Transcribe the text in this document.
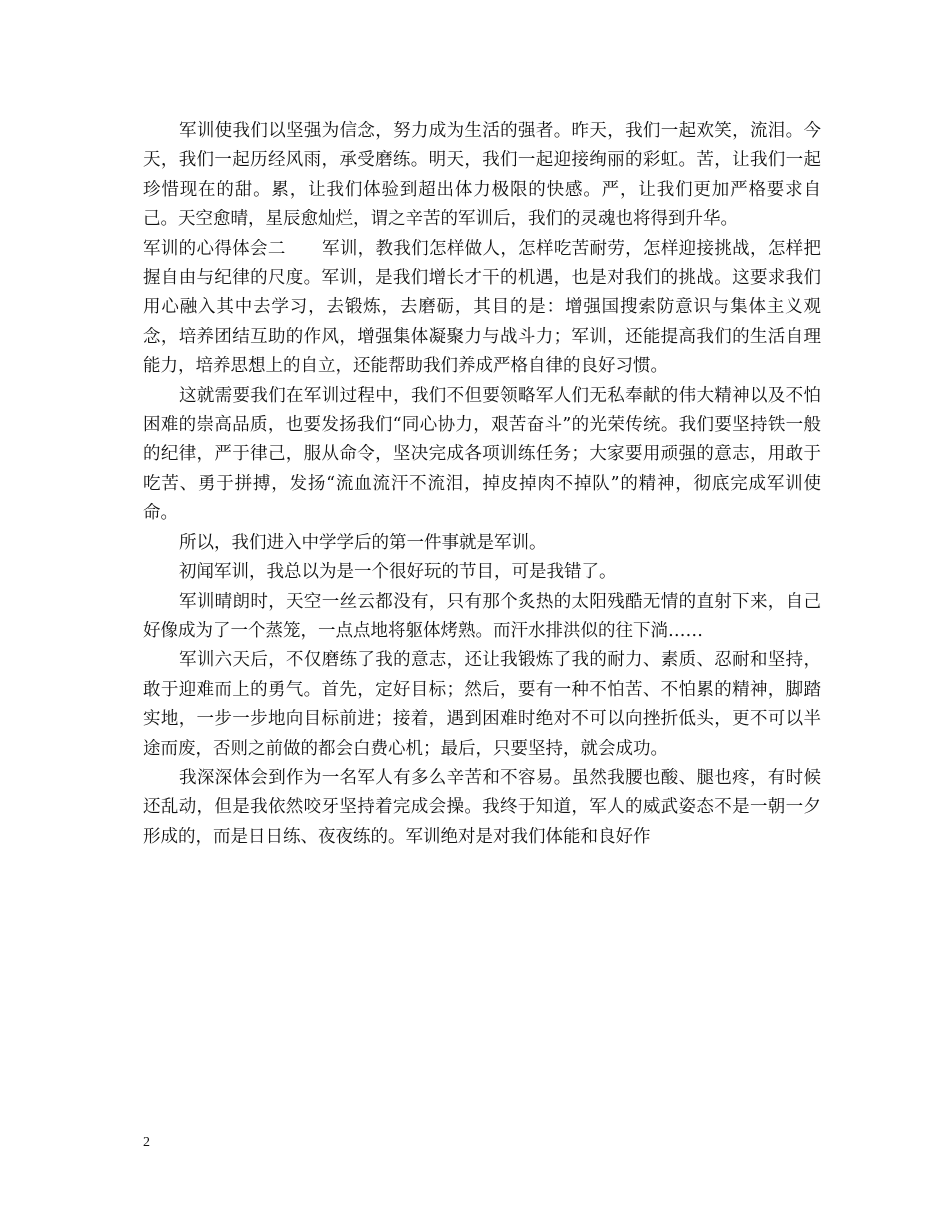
军训使我们以坚强为信念，努力成为生活的强者。昨天，我们一起欢笑，流泪。今天，我们一起历经风雨，承受磨练。明天，我们一起迎接绚丽的彩虹。苦，让我们一起珍惜现在的甜。累，让我们体验到超出体力极限的快感。严，让我们更加严格要求自己。天空愈晴，星辰愈灿烂，谓之辛苦的军训后，我们的灵魂也将得到升华。

军训的心得体会二 军训，教我们怎样做人，怎样吃苦耐劳，怎样迎接挑战，怎样把握自由与纪律的尺度。军训，是我们增长才干的机遇，也是对我们的挑战。这要求我们用心融入其中去学习，去锻炼，去磨砺，其目的是：增强国搜索防意识与集体主义观念，培养团结互助的作风，增强集体凝聚力与战斗力；军训，还能提高我们的生活自理能力，培养思想上的自立，还能帮助我们养成严格自律的良好习惯。

这就需要我们在军训过程中，我们不但要领略军人们无私奉献的伟大精神以及不怕困难的崇高品质，也要发扬我们“同心协力，艰苦奋斗”的光荣传统。我们要坚持铁一般的纪律，严于律己，服从命令，坚决完成各项训练任务；大家要用顽强的意志，用敢于吃苦、勇于拼搏，发扬“流血流汗不流泪，掉皮掉肉不掉队”的精神，彻底完成军训使命。

所以，我们进入中学学后的第一件事就是军训。

初闻军训，我总以为是一个很好玩的节目，可是我错了。

军训晴朗时，天空一丝云都没有，只有那个炙热的太阳残酷无情的直射下来，自己好像成为了一个蒸笼，一点点地将躯体烤熟。而汗水排洪似的往下淌……

军训六天后，不仅磨练了我的意志，还让我锻炼了我的耐力、素质、忍耐和坚持，敢于迎难而上的勇气。首先，定好目标；然后，要有一种不怕苦、不怕累的精神，脚踏实地，一步一步地向目标前进；接着，遇到困难时绝对不可以向挫折低头，更不可以半途而废，否则之前做的都会白费心机；最后，只要坚持，就会成功。

我深深体会到作为一名军人有多么辛苦和不容易。虽然我腰也酸、腿也疼，有时候还乱动，但是我依然咬牙坚持着完成会操。我终于知道，军人的威武姿态不是一朝一夕形成的，而是日日练、夜夜练的。军训绝对是对我们体能和良好作

2
